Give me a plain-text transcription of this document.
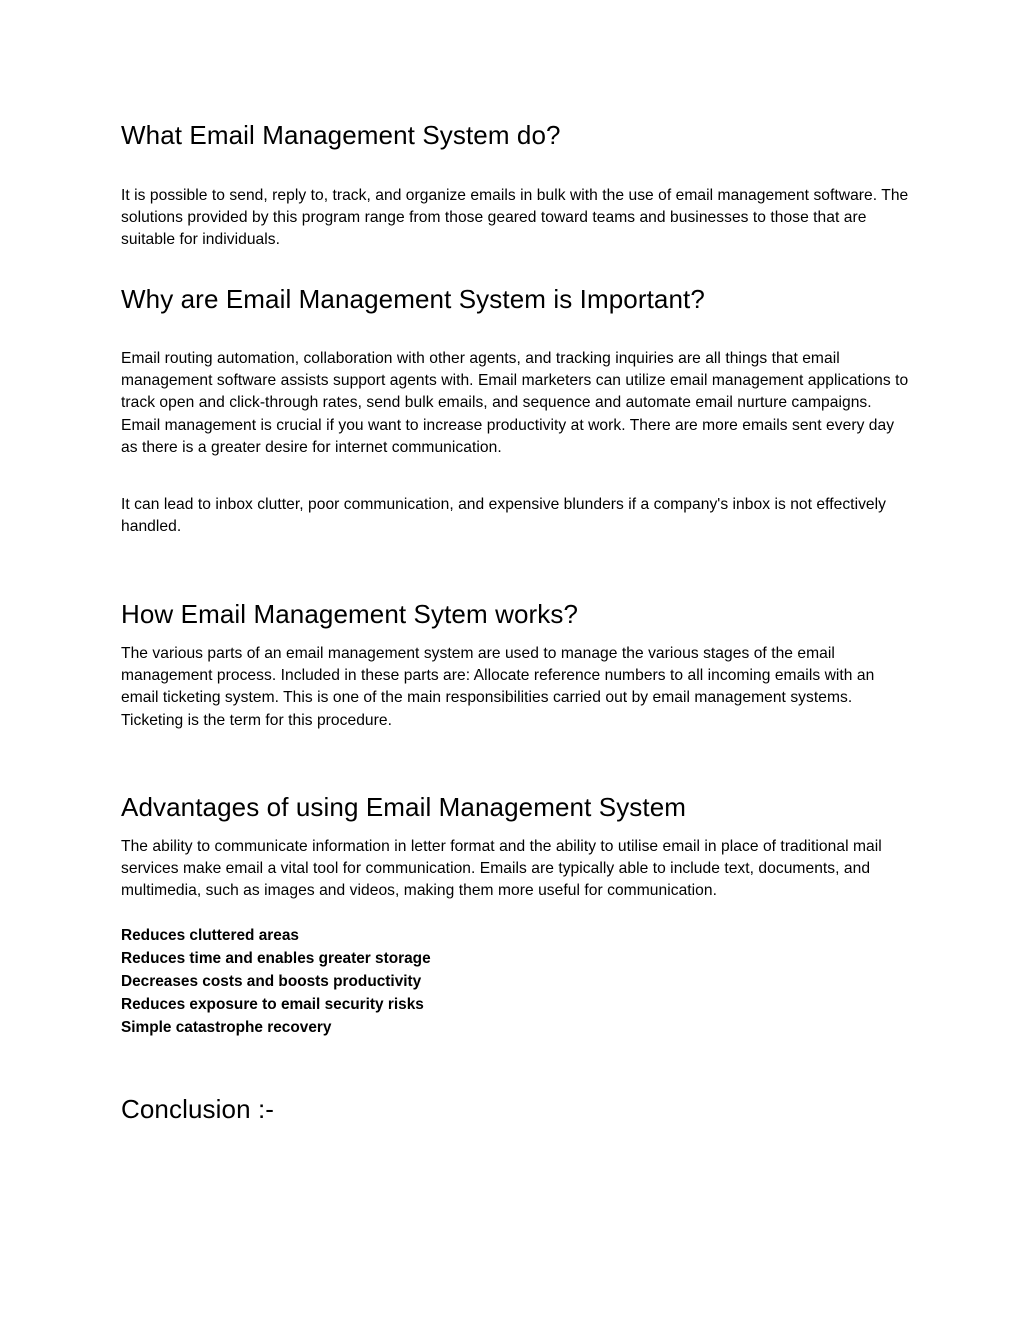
What Email Management System do?

It is possible to send, reply to, track, and organize emails in bulk with the use of email management software. The solutions provided by this program range from those geared toward teams and businesses to those that are suitable for individuals.

Why are Email Management System is Important?

Email routing automation, collaboration with other agents, and tracking inquiries are all things that email management software assists support agents with. Email marketers can utilize email management applications to track open and click-through rates, send bulk emails, and sequence and automate email nurture campaigns. Email management is crucial if you want to increase productivity at work. There are more emails sent every day as there is a greater desire for internet communication.

It can lead to inbox clutter, poor communication, and expensive blunders if a company's inbox is not effectively handled.

How Email Management Sytem works?

The various parts of an email management system are used to manage the various stages of the email management process. Included in these parts are: Allocate reference numbers to all incoming emails with an email ticketing system. This is one of the main responsibilities carried out by email management systems. Ticketing is the term for this procedure.

Advantages of using Email Management System

The ability to communicate information in letter format and the ability to utilise email in place of traditional mail services make email a vital tool for communication. Emails are typically able to include text, documents, and multimedia, such as images and videos, making them more useful for communication.

Reduces cluttered areas
Reduces time and enables greater storage
Decreases costs and boosts productivity
Reduces exposure to email security risks
Simple catastrophe recovery
Conclusion :-
